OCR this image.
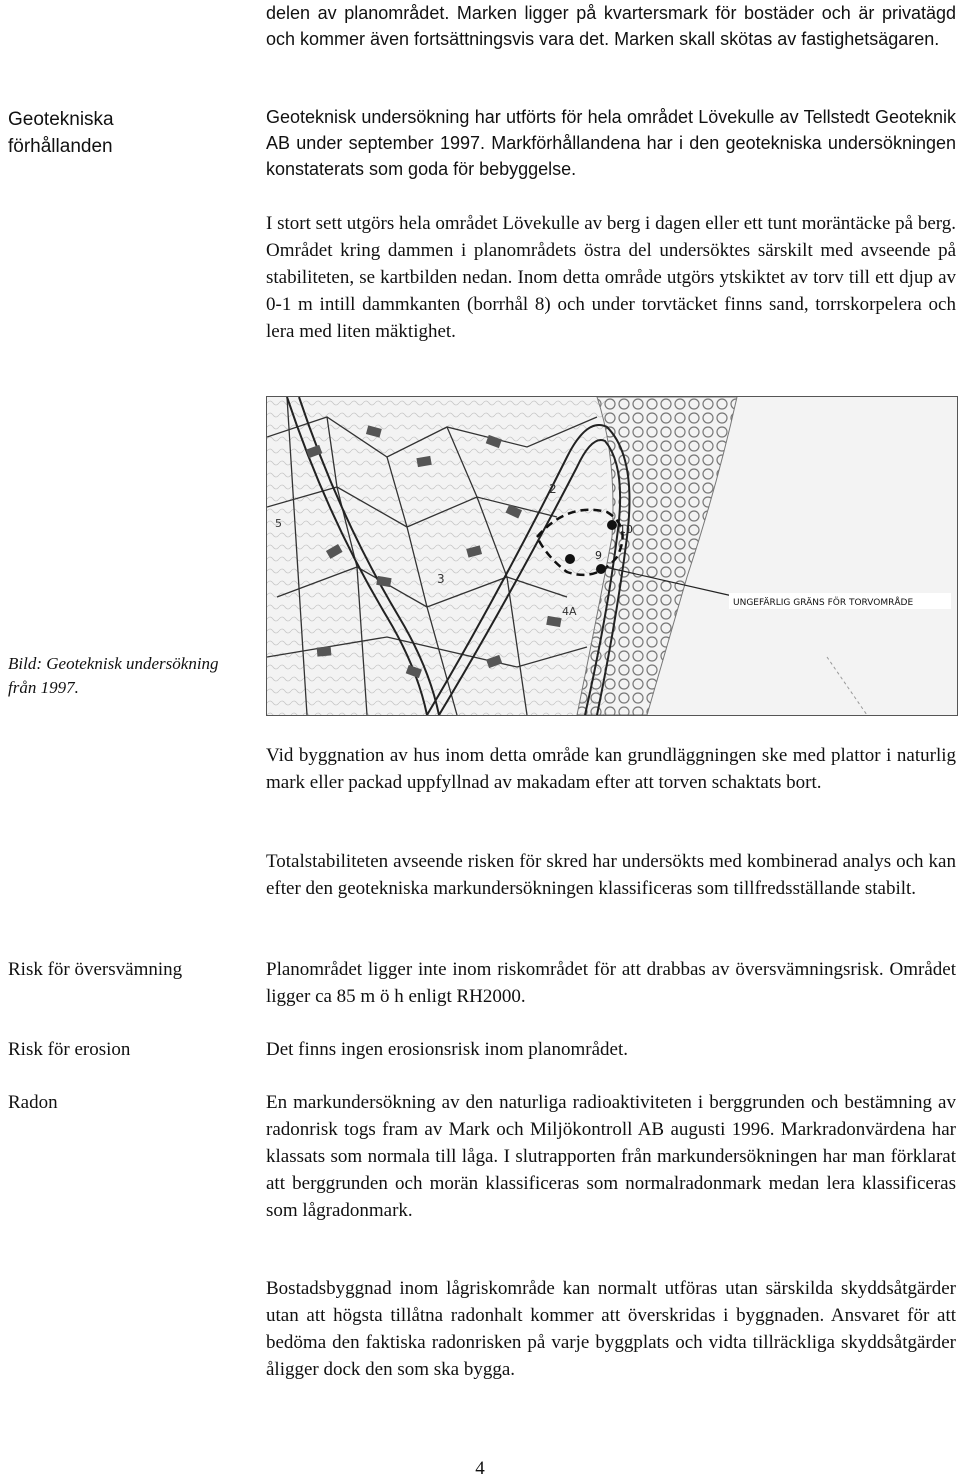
delen av planområdet. Marken ligger på kvartersmark för bostäder och är privatägd och kommer även fortsättningsvis vara det. Marken skall skötas av fastighetsägaren.
Geotekniska förhållanden
Geoteknisk undersökning har utförts för hela området Lövekulle av Tellstedt Geoteknik AB under september 1997. Markförhållandena har i den geotekniska undersökningen konstaterats som goda för bebyggelse.
I stort sett utgörs hela området Lövekulle av berg i dagen eller ett tunt moräntäcke på berg. Området kring dammen i planområdets östra del undersöktes särskilt med avseende på stabiliteten, se kartbilden nedan. Inom detta område utgörs ytskiktet av torv till ett djup av 0-1 m intill dammkanten (borrhål 8) och under torvtäcket finns sand, torrskorpelera och lera med liten mäktighet.
10
9
2
3
4A
5
UNGEFÄRLIG GRÄNS FÖR TORVOMRÅDE
Bild: Geoteknisk undersökning från 1997.
Vid byggnation av hus inom detta område kan grundläggningen ske med plattor i naturlig mark eller packad uppfyllnad av makadam efter att torven schaktats bort.
Totalstabiliteten avseende risken för skred har undersökts med kombinerad analys och kan efter den geotekniska markundersökningen klassificeras som tillfredsställande stabilt.
Risk för översvämning	Planområdet ligger inte inom riskområdet för att drabbas av översvämningsrisk. Området ligger ca 85 m ö h enligt RH2000.
Risk för erosion	Det finns ingen erosionsrisk inom planområdet.
Radon	En markundersökning av den naturliga radioaktiviteten i berggrunden och bestämning av radonrisk togs fram av Mark och Miljökontroll AB augusti 1996. Markradonvärdena har klassats som normala till låga. I slutrapporten från markundersökningen har man förklarat att berggrunden och morän klassificeras som normalradonmark medan lera klassificeras som lågradonmark.
Bostadsbyggnad inom lågriskområde kan normalt utföras utan särskilda skyddsåtgärder utan att högsta tillåtna radonhalt kommer att överskridas i byggnaden. Ansvaret för att bedöma den faktiska radonrisken på varje byggplats och vidta tillräckliga skyddsåtgärder åligger dock den som ska bygga.
4
